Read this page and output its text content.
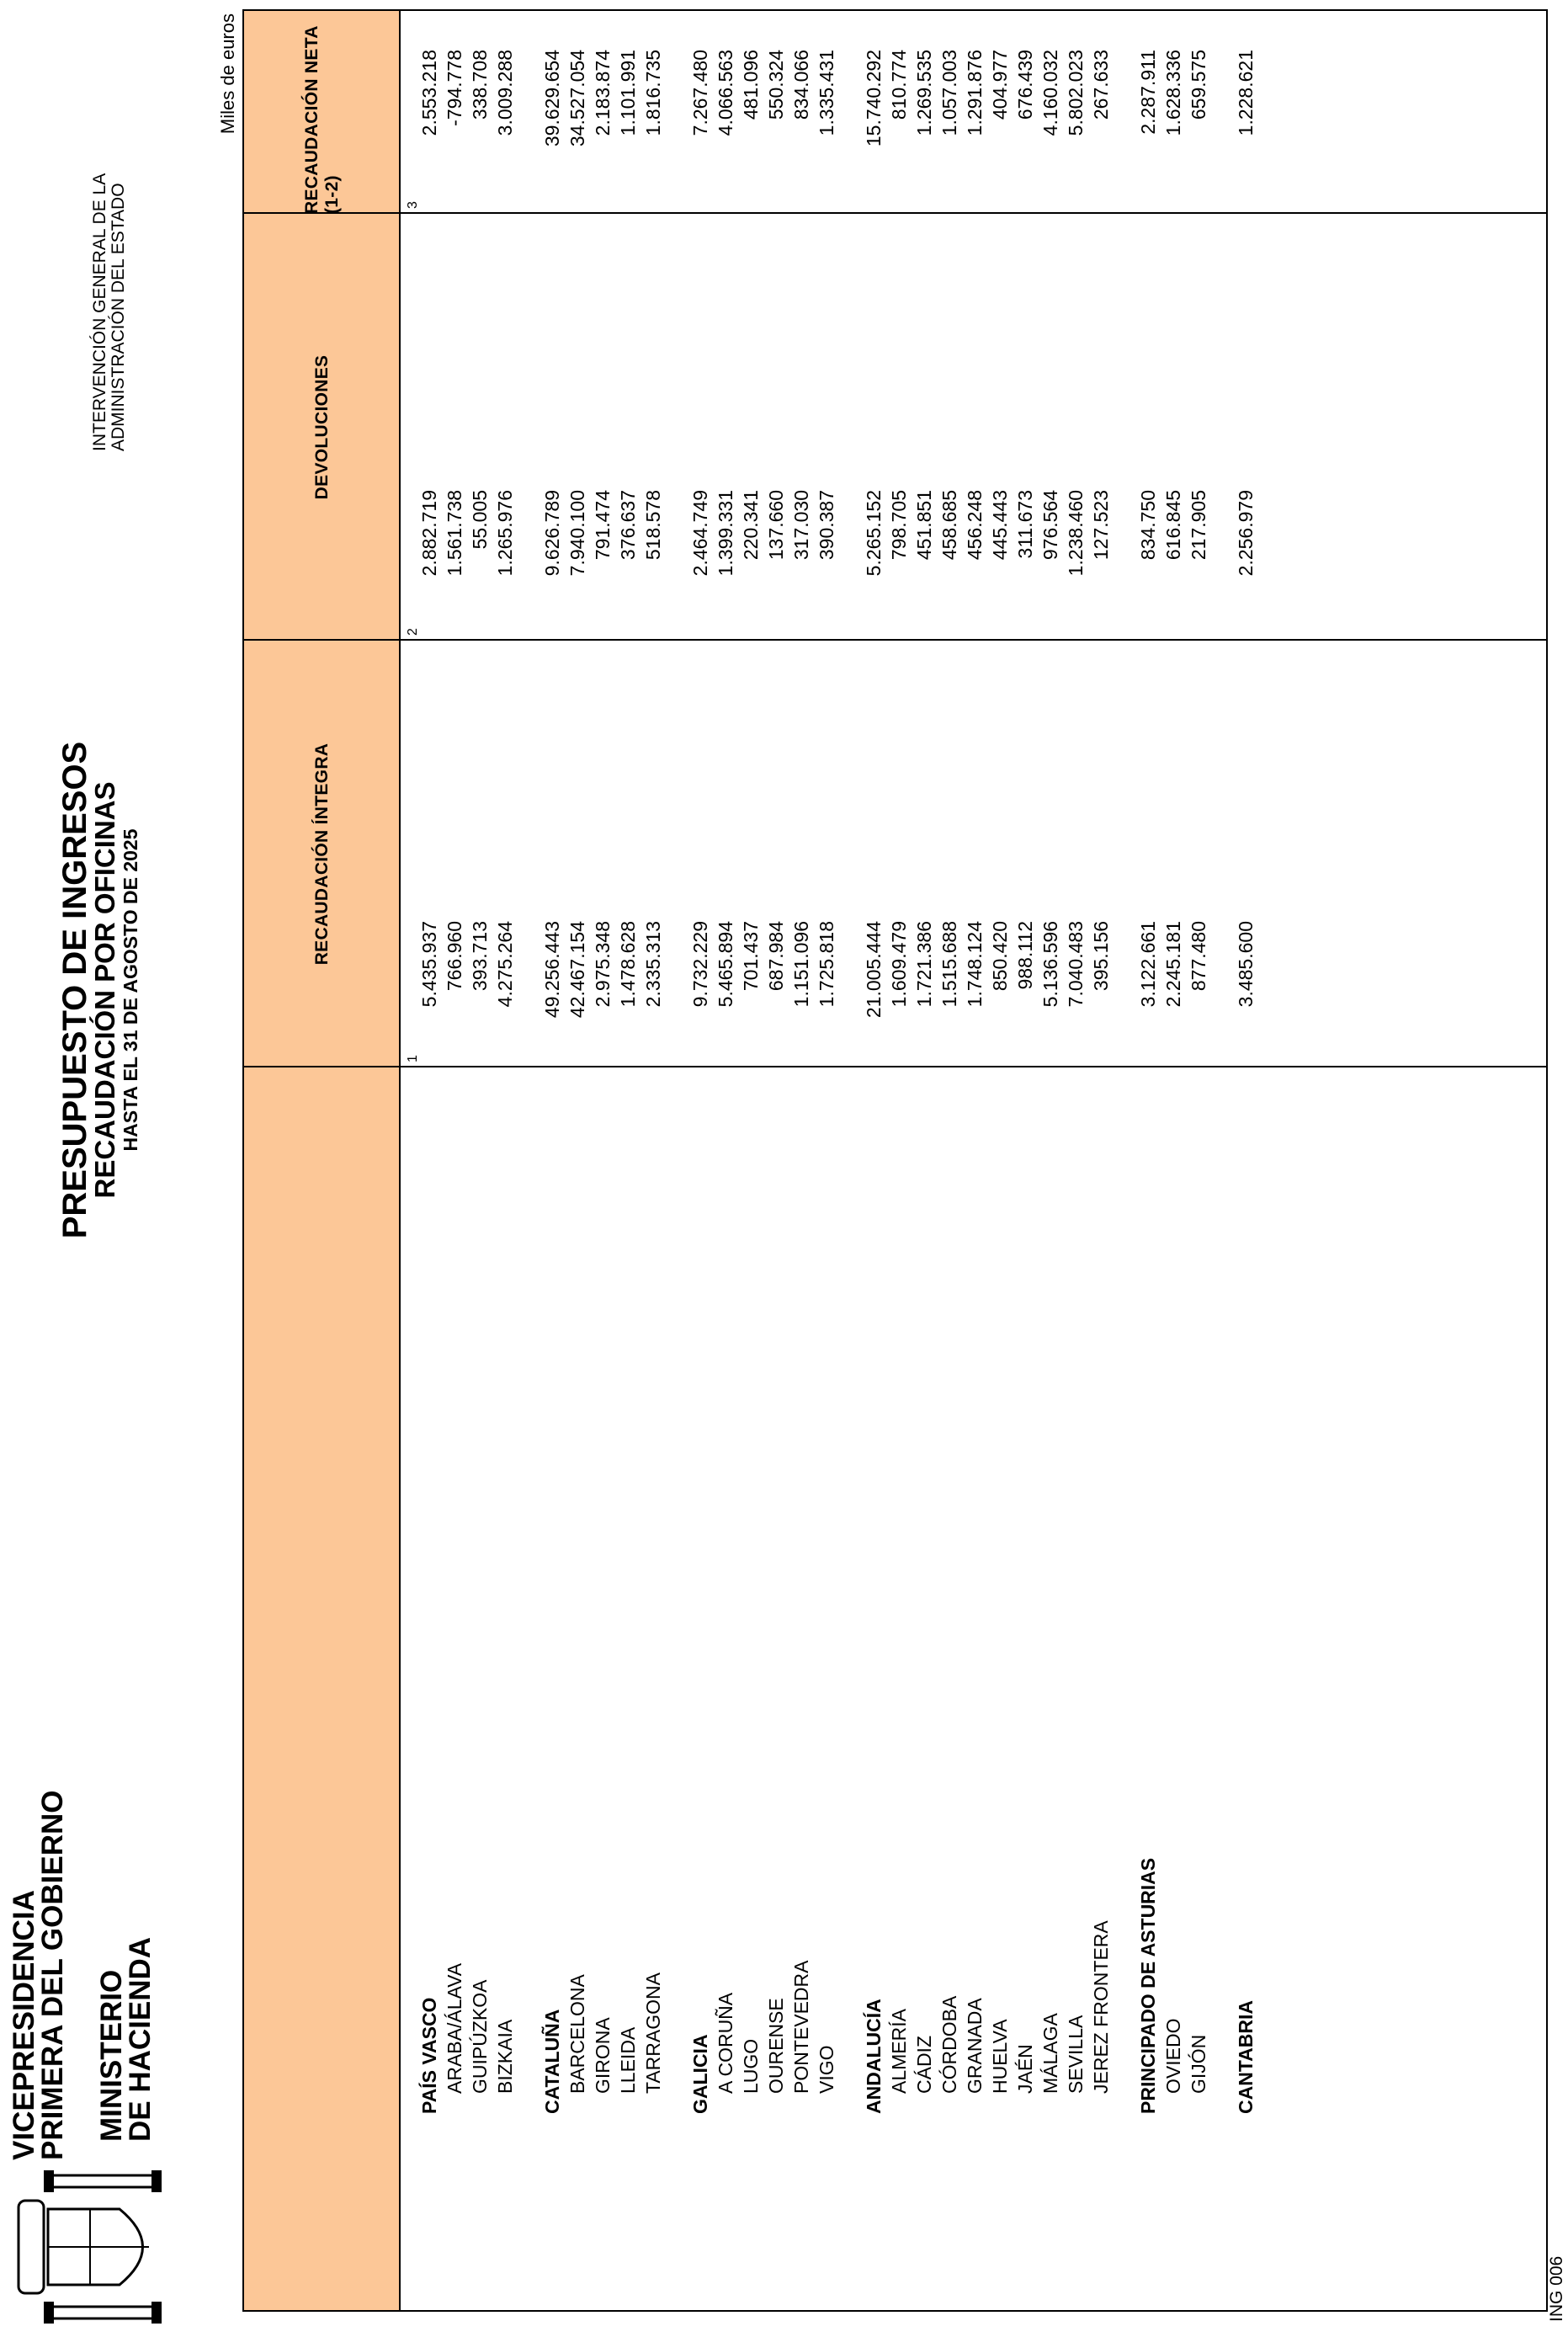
VICEPRESIDENCIA
PRIMERA DEL GOBIERNO MINISTERIO
DE HACIENDA
PRESUPUESTO DE INGRESOS
RECAUDACIÓN POR OFICINAS HASTA EL 31 DE AGOSTO DE 2025
INTERVENCIÓN GENERAL DE LA ADMINISTRACIÓN DEL ESTADO
Miles de euros
RECAUDACIÓN ÍNTEGRA
DEVOLUCIONES
RECAUDACIÓN NETA (1-2)
1
2
3
PAÍS VASCO
5.435.937
2.882.719
2.553.218
ARABA/ÁLAVA
766.960
1.561.738
-794.778
GUIPÚZKOA
393.713
55.005
338.708
BIZKAIA
4.275.264
1.265.976
3.009.288
CATALUÑA
49.256.443
9.626.789
39.629.654
BARCELONA
42.467.154
7.940.100
34.527.054
GIRONA
2.975.348
791.474
2.183.874
LLEIDA
1.478.628
376.637
1.101.991
TARRAGONA
2.335.313
518.578
1.816.735
GALICIA
9.732.229
2.464.749
7.267.480
A CORUÑA
5.465.894
1.399.331
4.066.563
LUGO
701.437
220.341
481.096
OURENSE
687.984
137.660
550.324
PONTEVEDRA
1.151.096
317.030
834.066
VIGO
1.725.818
390.387
1.335.431
ANDALUCÍA
21.005.444
5.265.152
15.740.292
ALMERÍA
1.609.479
798.705
810.774
CÁDIZ
1.721.386
451.851
1.269.535
CÓRDOBA
1.515.688
458.685
1.057.003
GRANADA
1.748.124
456.248
1.291.876
HUELVA
850.420
445.443
404.977
JAÉN
988.112
311.673
676.439
MÁLAGA
5.136.596
976.564
4.160.032
SEVILLA
7.040.483
1.238.460
5.802.023
JEREZ FRONTERA
395.156
127.523
267.633
PRINCIPADO DE ASTURIAS
3.122.661
834.750
2.287.911
OVIEDO
2.245.181
616.845
1.628.336
GIJÓN
877.480
217.905
659.575
CANTABRIA
3.485.600
2.256.979
1.228.621
ING 006
